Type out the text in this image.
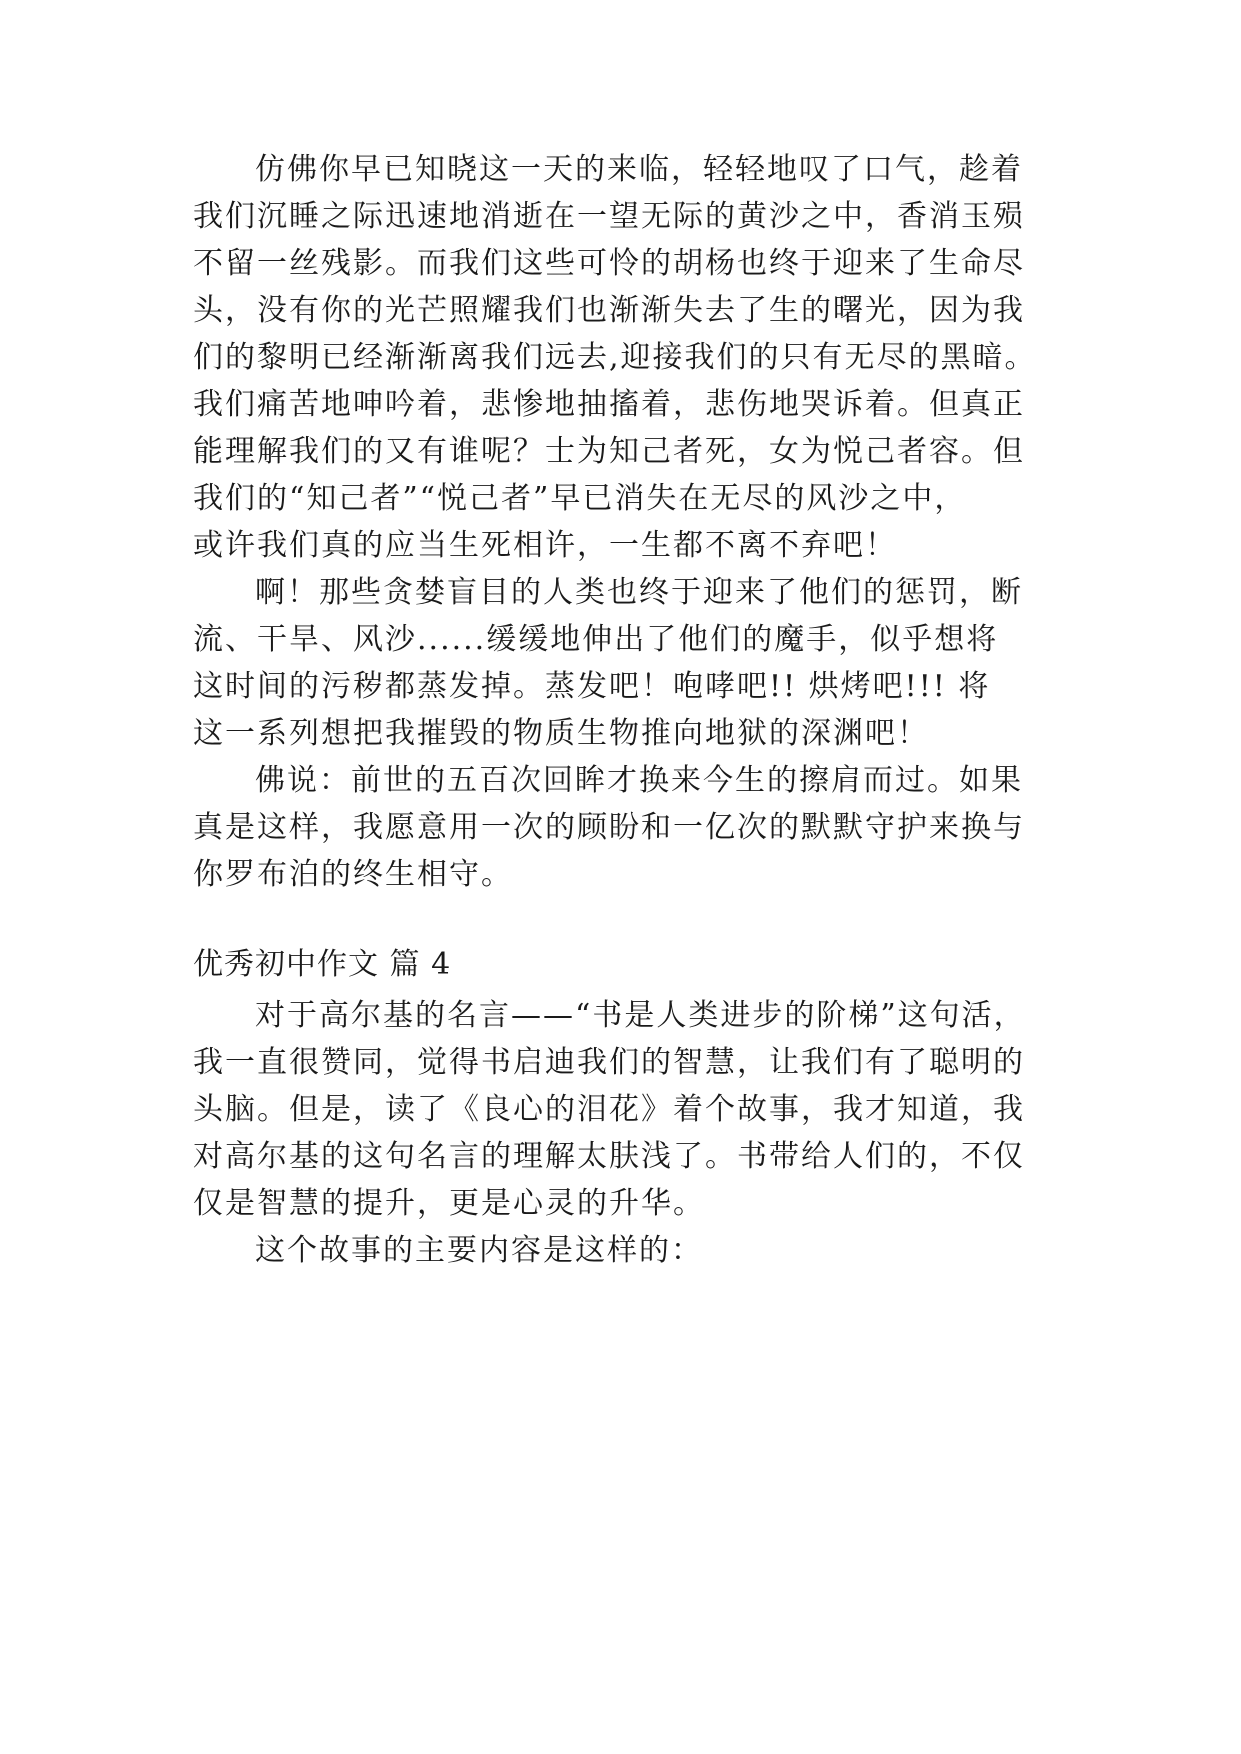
仿佛你早已知晓这一天的来临，轻轻地叹了口气，趁着
我们沉睡之际迅速地消逝在一望无际的黄沙之中，香消玉殒
不留一丝残影。而我们这些可怜的胡杨也终于迎来了生命尽
头，没有你的光芒照耀我们也渐渐失去了生的曙光，因为我
们的黎明已经渐渐离我们远去,迎接我们的只有无尽的黑暗。
我们痛苦地呻吟着，悲惨地抽搐着，悲伤地哭诉着。但真正
能理解我们的又有谁呢？士为知己者死，女为悦己者容。但
我们的“知己者”“悦己者”早已消失在无尽的风沙之中，
或许我们真的应当生死相许，一生都不离不弃吧！
啊！那些贪婪盲目的人类也终于迎来了他们的惩罚，断
流、干旱、风沙......缓缓地伸出了他们的魔手，似乎想将
这时间的污秽都蒸发掉。蒸发吧！咆哮吧!! 烘烤吧!!! 将
这一系列想把我摧毁的物质生物推向地狱的深渊吧！
佛说：前世的五百次回眸才换来今生的擦肩而过。如果
真是这样，我愿意用一次的顾盼和一亿次的默默守护来换与
你罗布泊的终生相守。
优秀初中作文 篇 4
对于高尔基的名言——“书是人类进步的阶梯”这句活，
我一直很赞同，觉得书启迪我们的智慧，让我们有了聪明的
头脑。但是，读了《良心的泪花》着个故事，我才知道，我
对高尔基的这句名言的理解太肤浅了。书带给人们的，不仅
仅是智慧的提升，更是心灵的升华。
这个故事的主要内容是这样的：
